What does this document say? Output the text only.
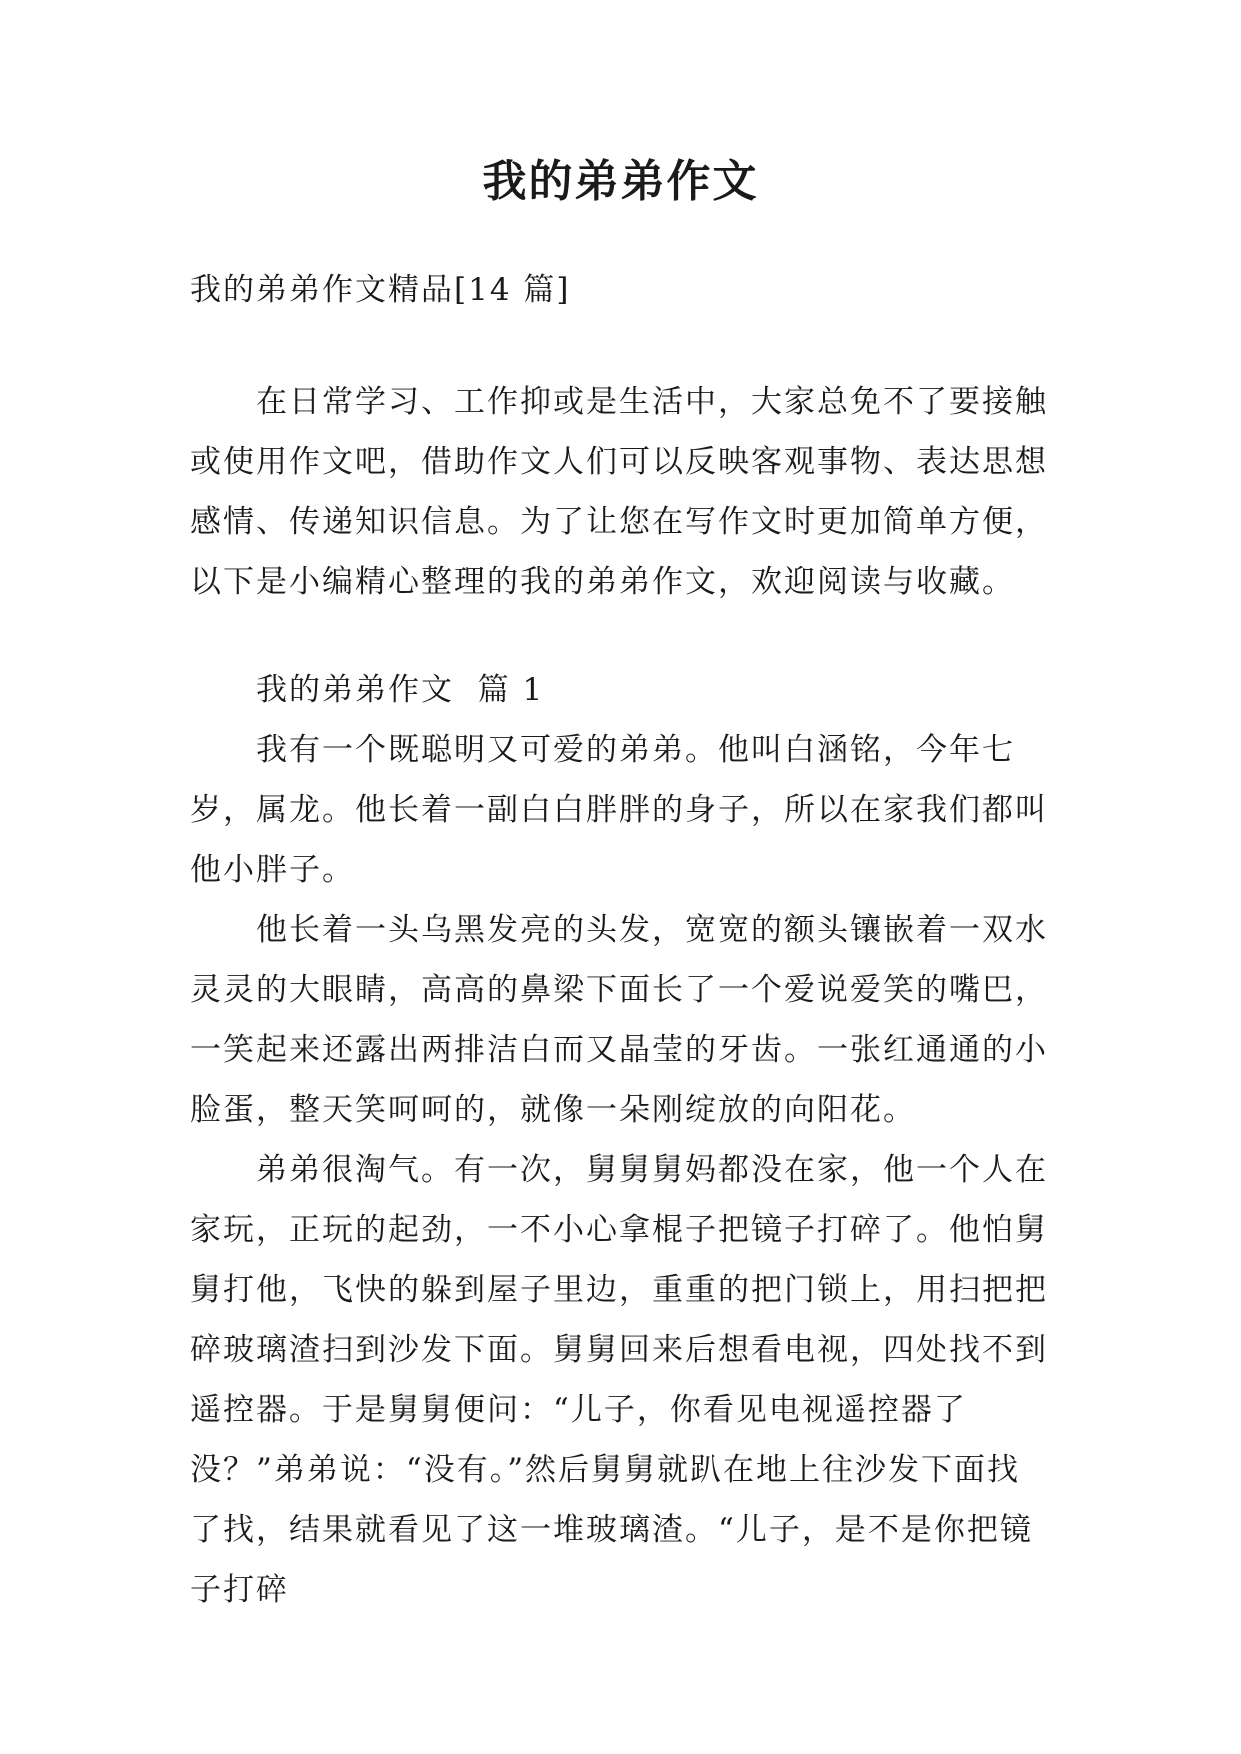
我的弟弟作文

我的弟弟作文精品[14 篇]

在日常学习、工作抑或是生活中，大家总免不了要接触或使用作文吧，借助作文人们可以反映客观事物、表达思想感情、传递知识信息。为了让您在写作文时更加简单方便，以下是小编精心整理的我的弟弟作文，欢迎阅读与收藏。

我的弟弟作文  篇 1

我有一个既聪明又可爱的弟弟。他叫白涵铭，今年七岁，属龙。他长着一副白白胖胖的身子，所以在家我们都叫他小胖子。

他长着一头乌黑发亮的头发，宽宽的额头镶嵌着一双水灵灵的大眼睛，高高的鼻梁下面长了一个爱说爱笑的嘴巴，一笑起来还露出两排洁白而又晶莹的牙齿。一张红通通的小脸蛋，整天笑呵呵的，就像一朵刚绽放的向阳花。

弟弟很淘气。有一次，舅舅舅妈都没在家，他一个人在家玩，正玩的起劲，一不小心拿棍子把镜子打碎了。他怕舅舅打他，飞快的躲到屋子里边，重重的把门锁上，用扫把把碎玻璃渣扫到沙发下面。舅舅回来后想看电视，四处找不到遥控器。于是舅舅便问：“儿子，你看见电视遥控器了没？”弟弟说：“没有。”然后舅舅就趴在地上往沙发下面找了找，结果就看见了这一堆玻璃渣。“儿子，是不是你把镜子打碎
